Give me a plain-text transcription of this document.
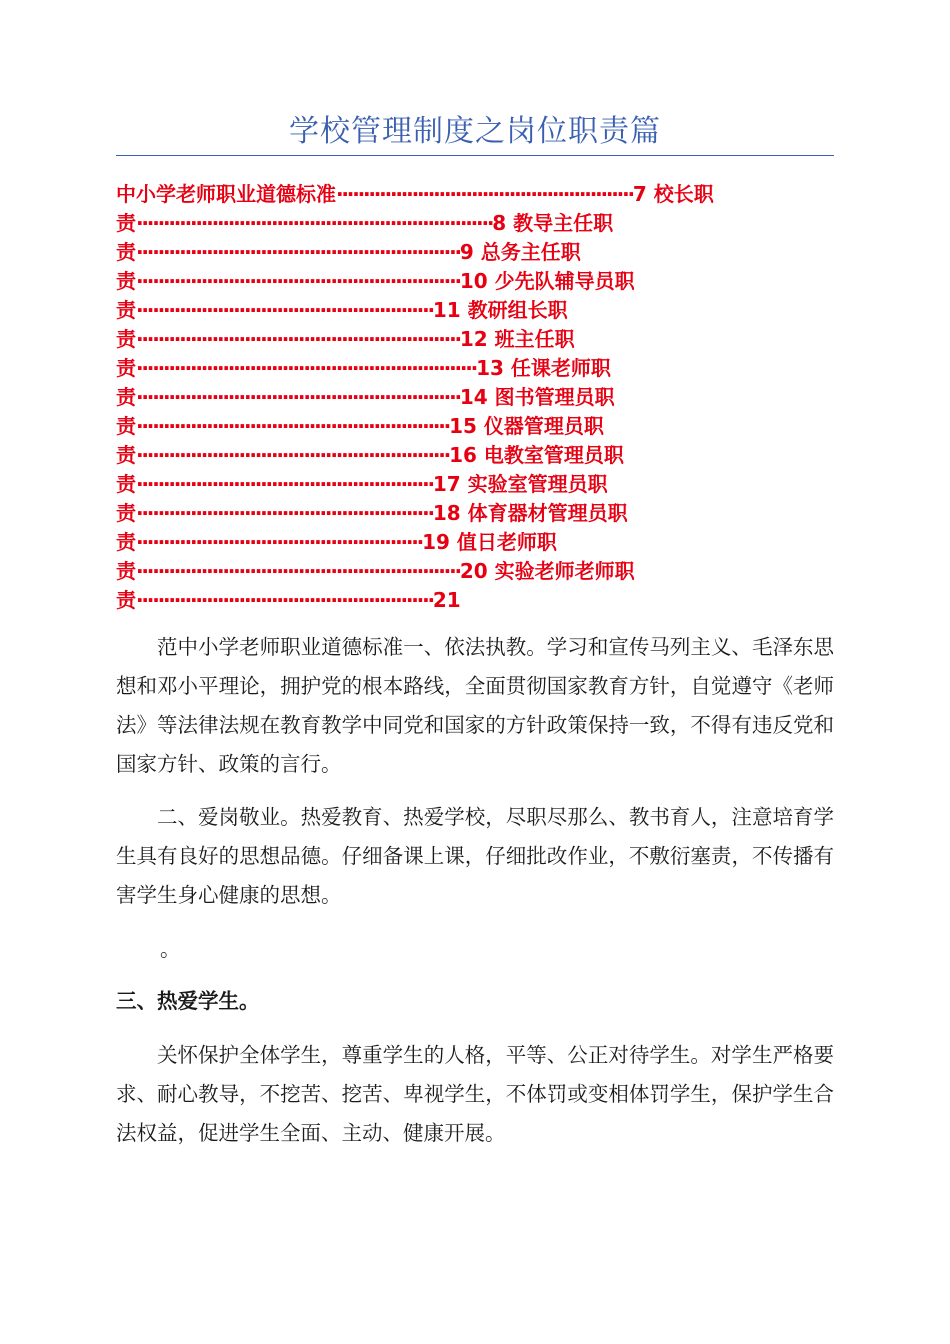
学校管理制度之岗位职责篇
中小学老师职业道德标准·······················································7 校长职
责··································································8 教导主任职
责····························································9 总务主任职
责····························································10 少先队辅导员职
责·······················································11 教研组长职
责····························································12 班主任职
责·······························································13 任课老师职
责····························································14 图书管理员职
责··························································15 仪器管理员职
责··························································16 电教室管理员职
责·······················································17 实验室管理员职
责·······················································18 体育器材管理员职
责·····················································19 值日老师职
责····························································20 实验老师老师职
责·······················································21

范中小学老师职业道德标准一、依法执教。学习和宣传马列主义、毛泽东思想和邓小平理论，拥护党的根本路线，全面贯彻国家教育方针，自觉遵守《老师法》等法律法规在教育教学中同党和国家的方针政策保持一致，不得有违反党和国家方针、政策的言行。

二、爱岗敬业。热爱教育、热爱学校，尽职尽那么、教书育人，注意培育学生具有良好的思想品德。仔细备课上课，仔细批改作业，不敷衍塞责，不传播有害学生身心健康的思想。

。

三、热爱学生。

关怀保护全体学生，尊重学生的人格，平等、公正对待学生。对学生严格要求、耐心教导，不挖苦、挖苦、卑视学生，不体罚或变相体罚学生，保护学生合法权益，促进学生全面、主动、健康开展。
